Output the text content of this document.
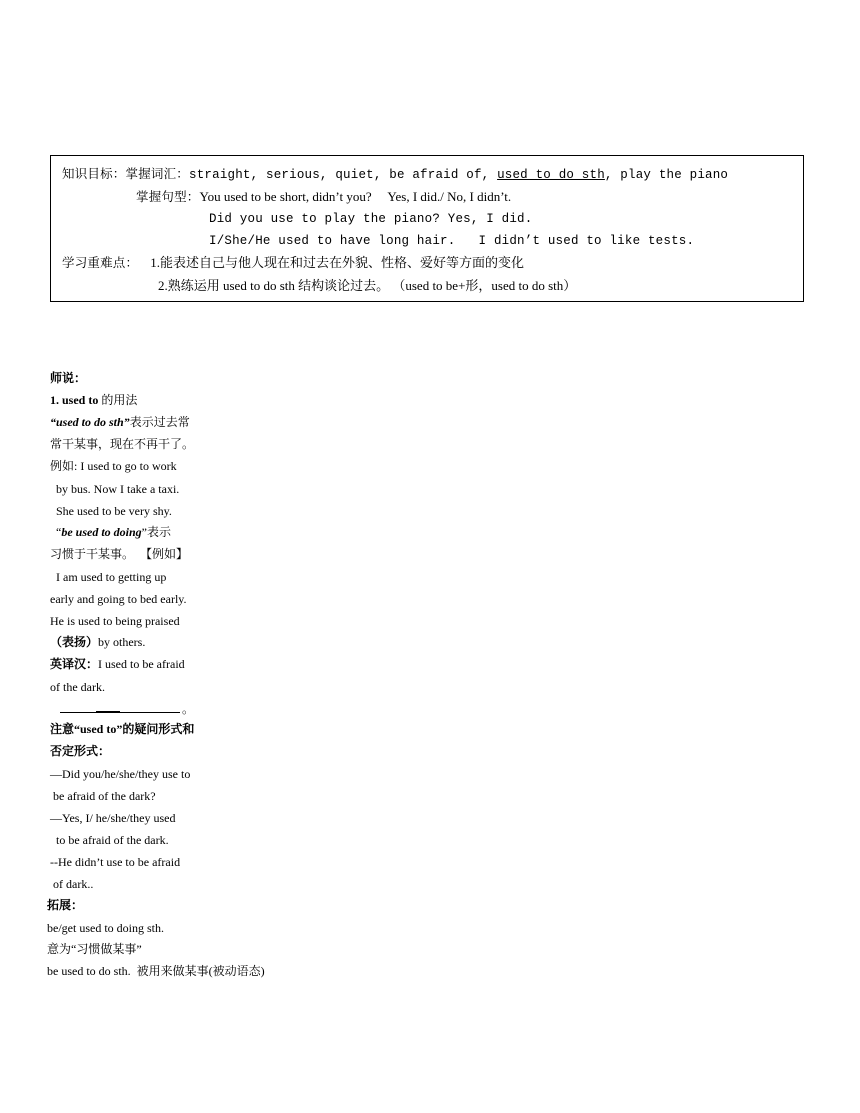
知识目标：掌握词汇：straight, serious, quiet, be afraid of, used to do sth, play the piano
掌握句型：You used to be short, didn’t you?     Yes, I did./ No, I didn’t.
Did you use to play the piano? Yes, I did.
I/She/He used to have long hair.   I didn’t used to like tests.
学习重难点： 1.能表述自己与他人现在和过去在外貌、性格、爱好等方面的变化
2.熟练运用 used to do sth 结构谈论过去。 （used to be+形，used to do sth）
师说：
1. used to 的用法
“used to do sth”表示过去常
常干某事，现在不再干了。
例如: I used to go to work
by bus. Now I take a taxi.
She used to be very shy.
“be used to doing”表示
习惯于干某事。  【例如】
I am used to getting up
early and going to bed early.
He is used to being praised
（表扬）by others.
英译汉：I used to be afraid
of the dark.
。
注意“used to”的疑问形式和
否定形式：
—Did you/he/she/they use to
be afraid of the dark?
—Yes, I/ he/she/they used
to be afraid of the dark.
--He didn’t use to be afraid
of dark..
拓展：
be/get used to doing sth.
意为“习惯做某事”
be used to do sth.  被用来做某事(被动语态)
